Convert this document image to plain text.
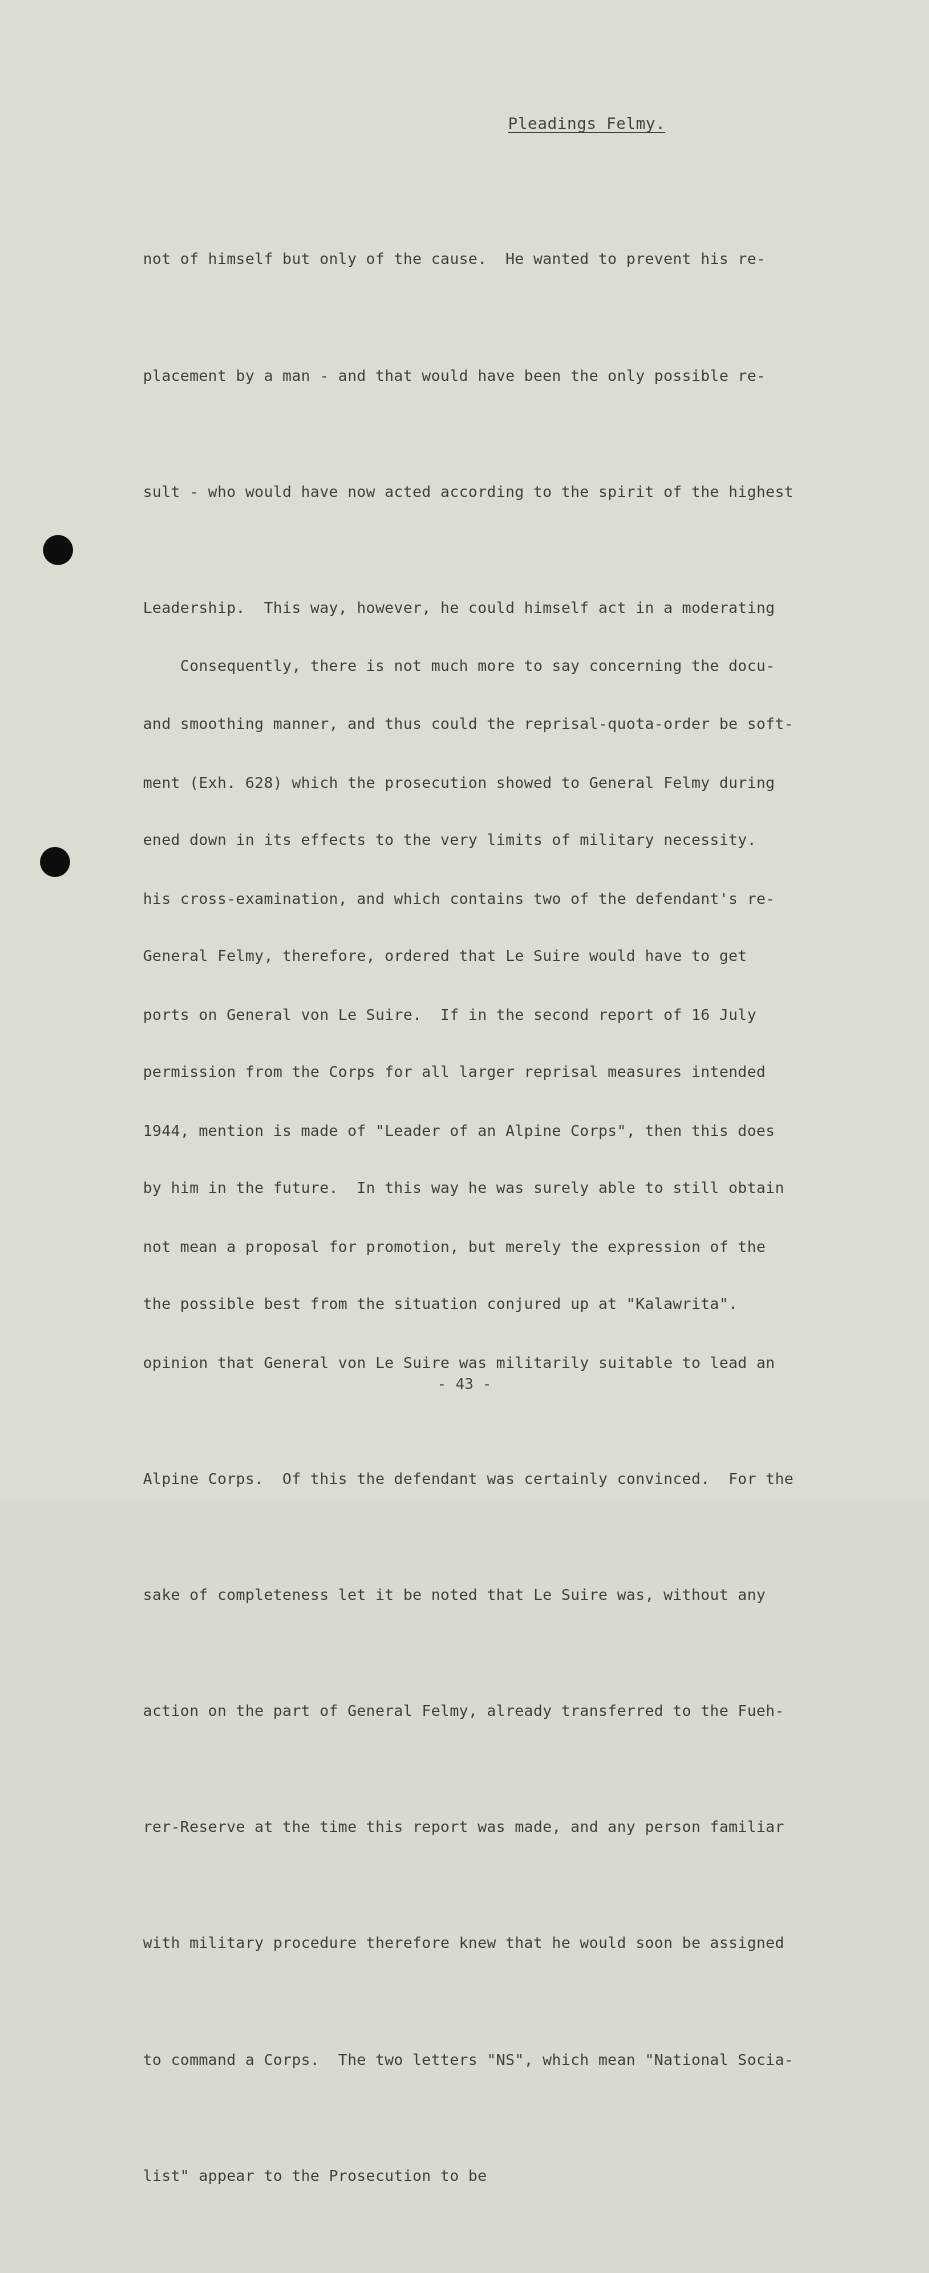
Pleadings Felmy.

not of himself but only of the cause.  He wanted to prevent his re-

placement by a man - and that would have been the only possible re-

sult - who would have now acted according to the spirit of the highest

Leadership.  This way, however, he could himself act in a moderating

and smoothing manner, and thus could the reprisal-quota-order be soft-

ened down in its effects to the very limits of military necessity.

General Felmy, therefore, ordered that Le Suire would have to get

permission from the Corps for all larger reprisal measures intended

by him in the future.  In this way he was surely able to still obtain

the possible best from the situation conjured up at "Kalawrita".

Consequently, there is not much more to say concerning the docu-

ment (Exh. 628) which the prosecution showed to General Felmy during

his cross-examination, and which contains two of the defendant's re-

ports on General von Le Suire.  If in the second report of 16 July

1944, mention is made of "Leader of an Alpine Corps", then this does

not mean a proposal for promotion, but merely the expression of the

opinion that General von Le Suire was militarily suitable to lead an

Alpine Corps.  Of this the defendant was certainly convinced.  For the

sake of completeness let it be noted that Le Suire was, without any

action on the part of General Felmy, already transferred to the Fueh-

rer-Reserve at the time this report was made, and any person familiar

with military procedure therefore knew that he would soon be assigned

to command a Corps.  The two letters "NS", which mean "National Socia-

list" appear to the Prosecution to be

- 43 -
